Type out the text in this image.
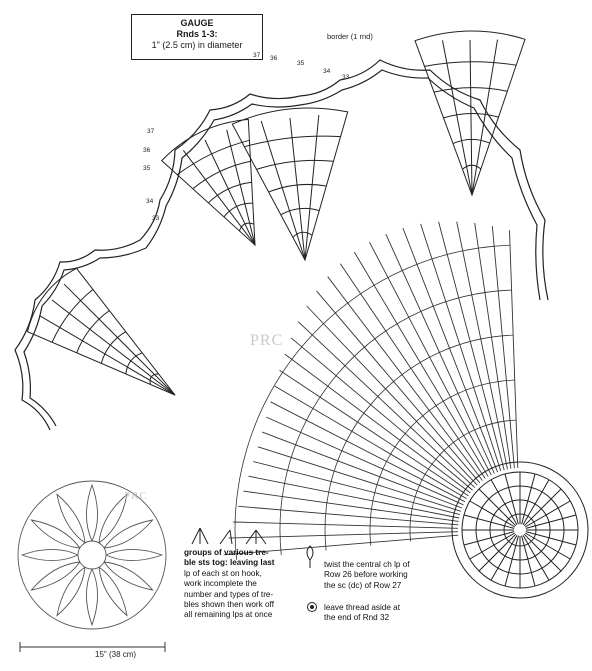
GAUGE
Rnds 1-3:
1" (2.5 cm) in diameter
border (1 rnd)
37 36
35
34
33
37
36
35
34
33
PRC
PRC
15" (38 cm)
groups of various tre-
ble sts tog: leaving last
lp of each st on hook,
work incomplete the
number and types of tre-
bles shown then work off
all remaining lps at once
twist the central ch lp of
Row 26 before working
the sc (dc) of Row 27
leave thread aside at
the end of Rnd 32
